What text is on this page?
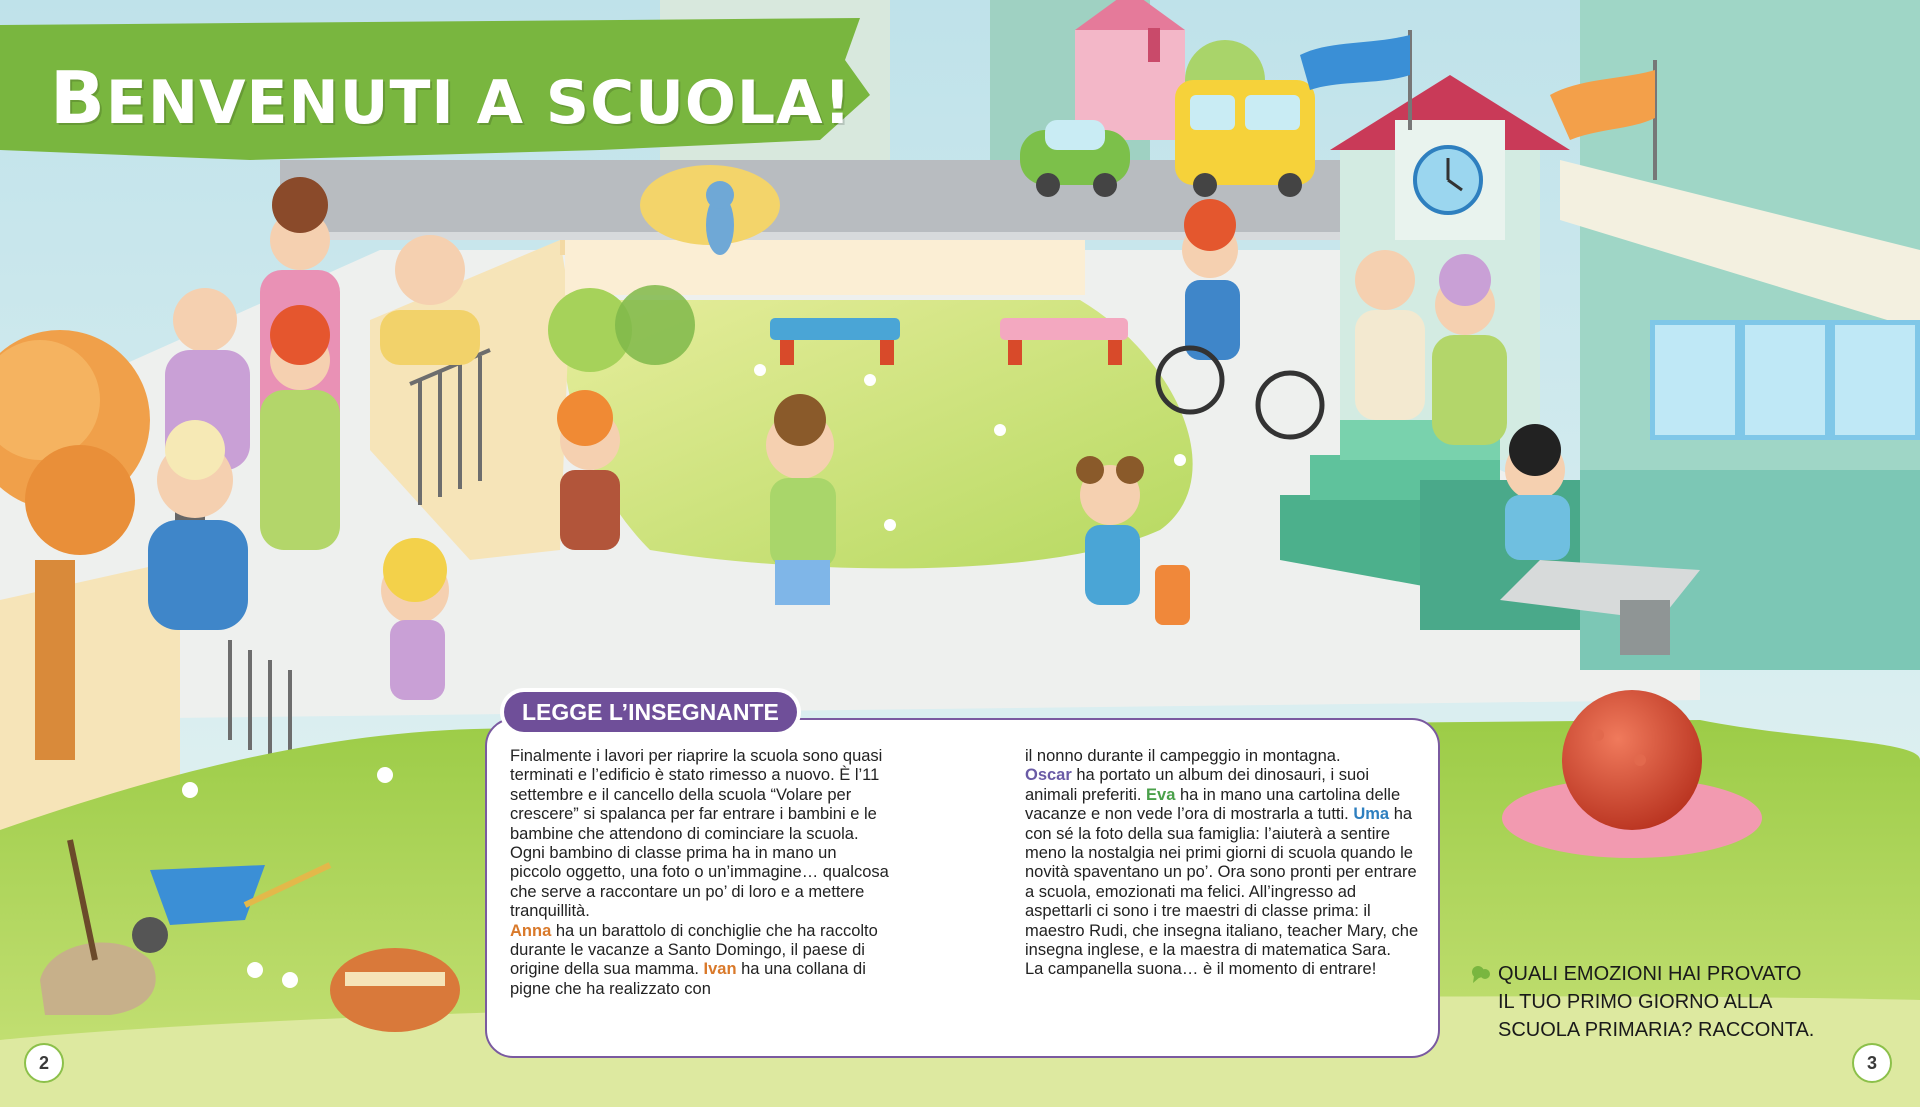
BENVENUTI A SCUOLA!
LEGGE L’INSEGNANTE

Finalmente i lavori per riaprire la scuola sono quasi terminati e l’edificio è stato rimesso a nuovo. È l’11 settembre e il cancello della scuola “Volare per crescere” si spalanca per far entrare i bambini e le bambine che attendono di cominciare la scuola.

Ogni bambino di classe prima ha in mano un piccolo oggetto, una foto o un’immagine… qualcosa che serve a raccontare un po’ di loro e a mettere tranquillità.

Anna ha un barattolo di conchiglie che ha raccolto durante le vacanze a Santo Domingo, il paese di origine della sua mamma. Ivan ha una collana di pigne che ha realizzato con

il nonno durante il campeggio in montagna.

Oscar ha portato un album dei dinosauri, i suoi animali preferiti. Eva ha in mano una cartolina delle vacanze e non vede l’ora di mostrarla a tutti. Uma ha con sé la foto della sua famiglia: l’aiuterà a sentire meno la nostalgia nei primi giorni di scuola quando le novità spaventano un po’. Ora sono pronti per entrare a scuola, emozionati ma felici. All’ingresso ad aspettarli ci sono i tre maestri di classe prima: il maestro Rudi, che insegna italiano, teacher Mary, che insegna inglese, e la maestra di matematica Sara.

La campanella suona… è il momento di entrare!	QUALI EMOZIONI HAI PROVATO
IL TUO PRIMO GIORNO ALLA
SCUOLA PRIMARIA? RACCONTA.
2	3
